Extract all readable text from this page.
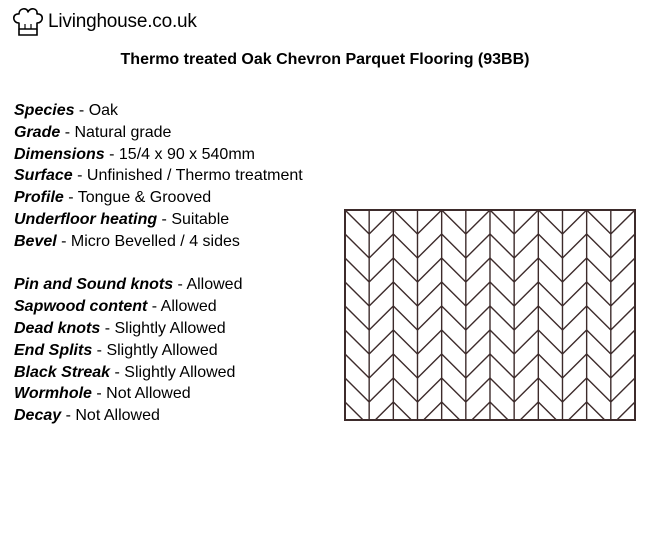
Livinghouse.co.uk
Thermo treated Oak Chevron Parquet Flooring (93BB)
Species - Oak
Grade - Natural grade
Dimensions - 15/4 x 90 x 540mm
Surface - Unfinished / Thermo treatment
Profile - Tongue & Grooved
Underfloor heating - Suitable
Bevel - Micro Bevelled / 4 sides
Pin and Sound knots - Allowed
Sapwood content - Allowed
Dead knots - Slightly Allowed
End Splits - Slightly Allowed
Black Streak - Slightly Allowed
Wormhole - Not Allowed
Decay - Not Allowed
